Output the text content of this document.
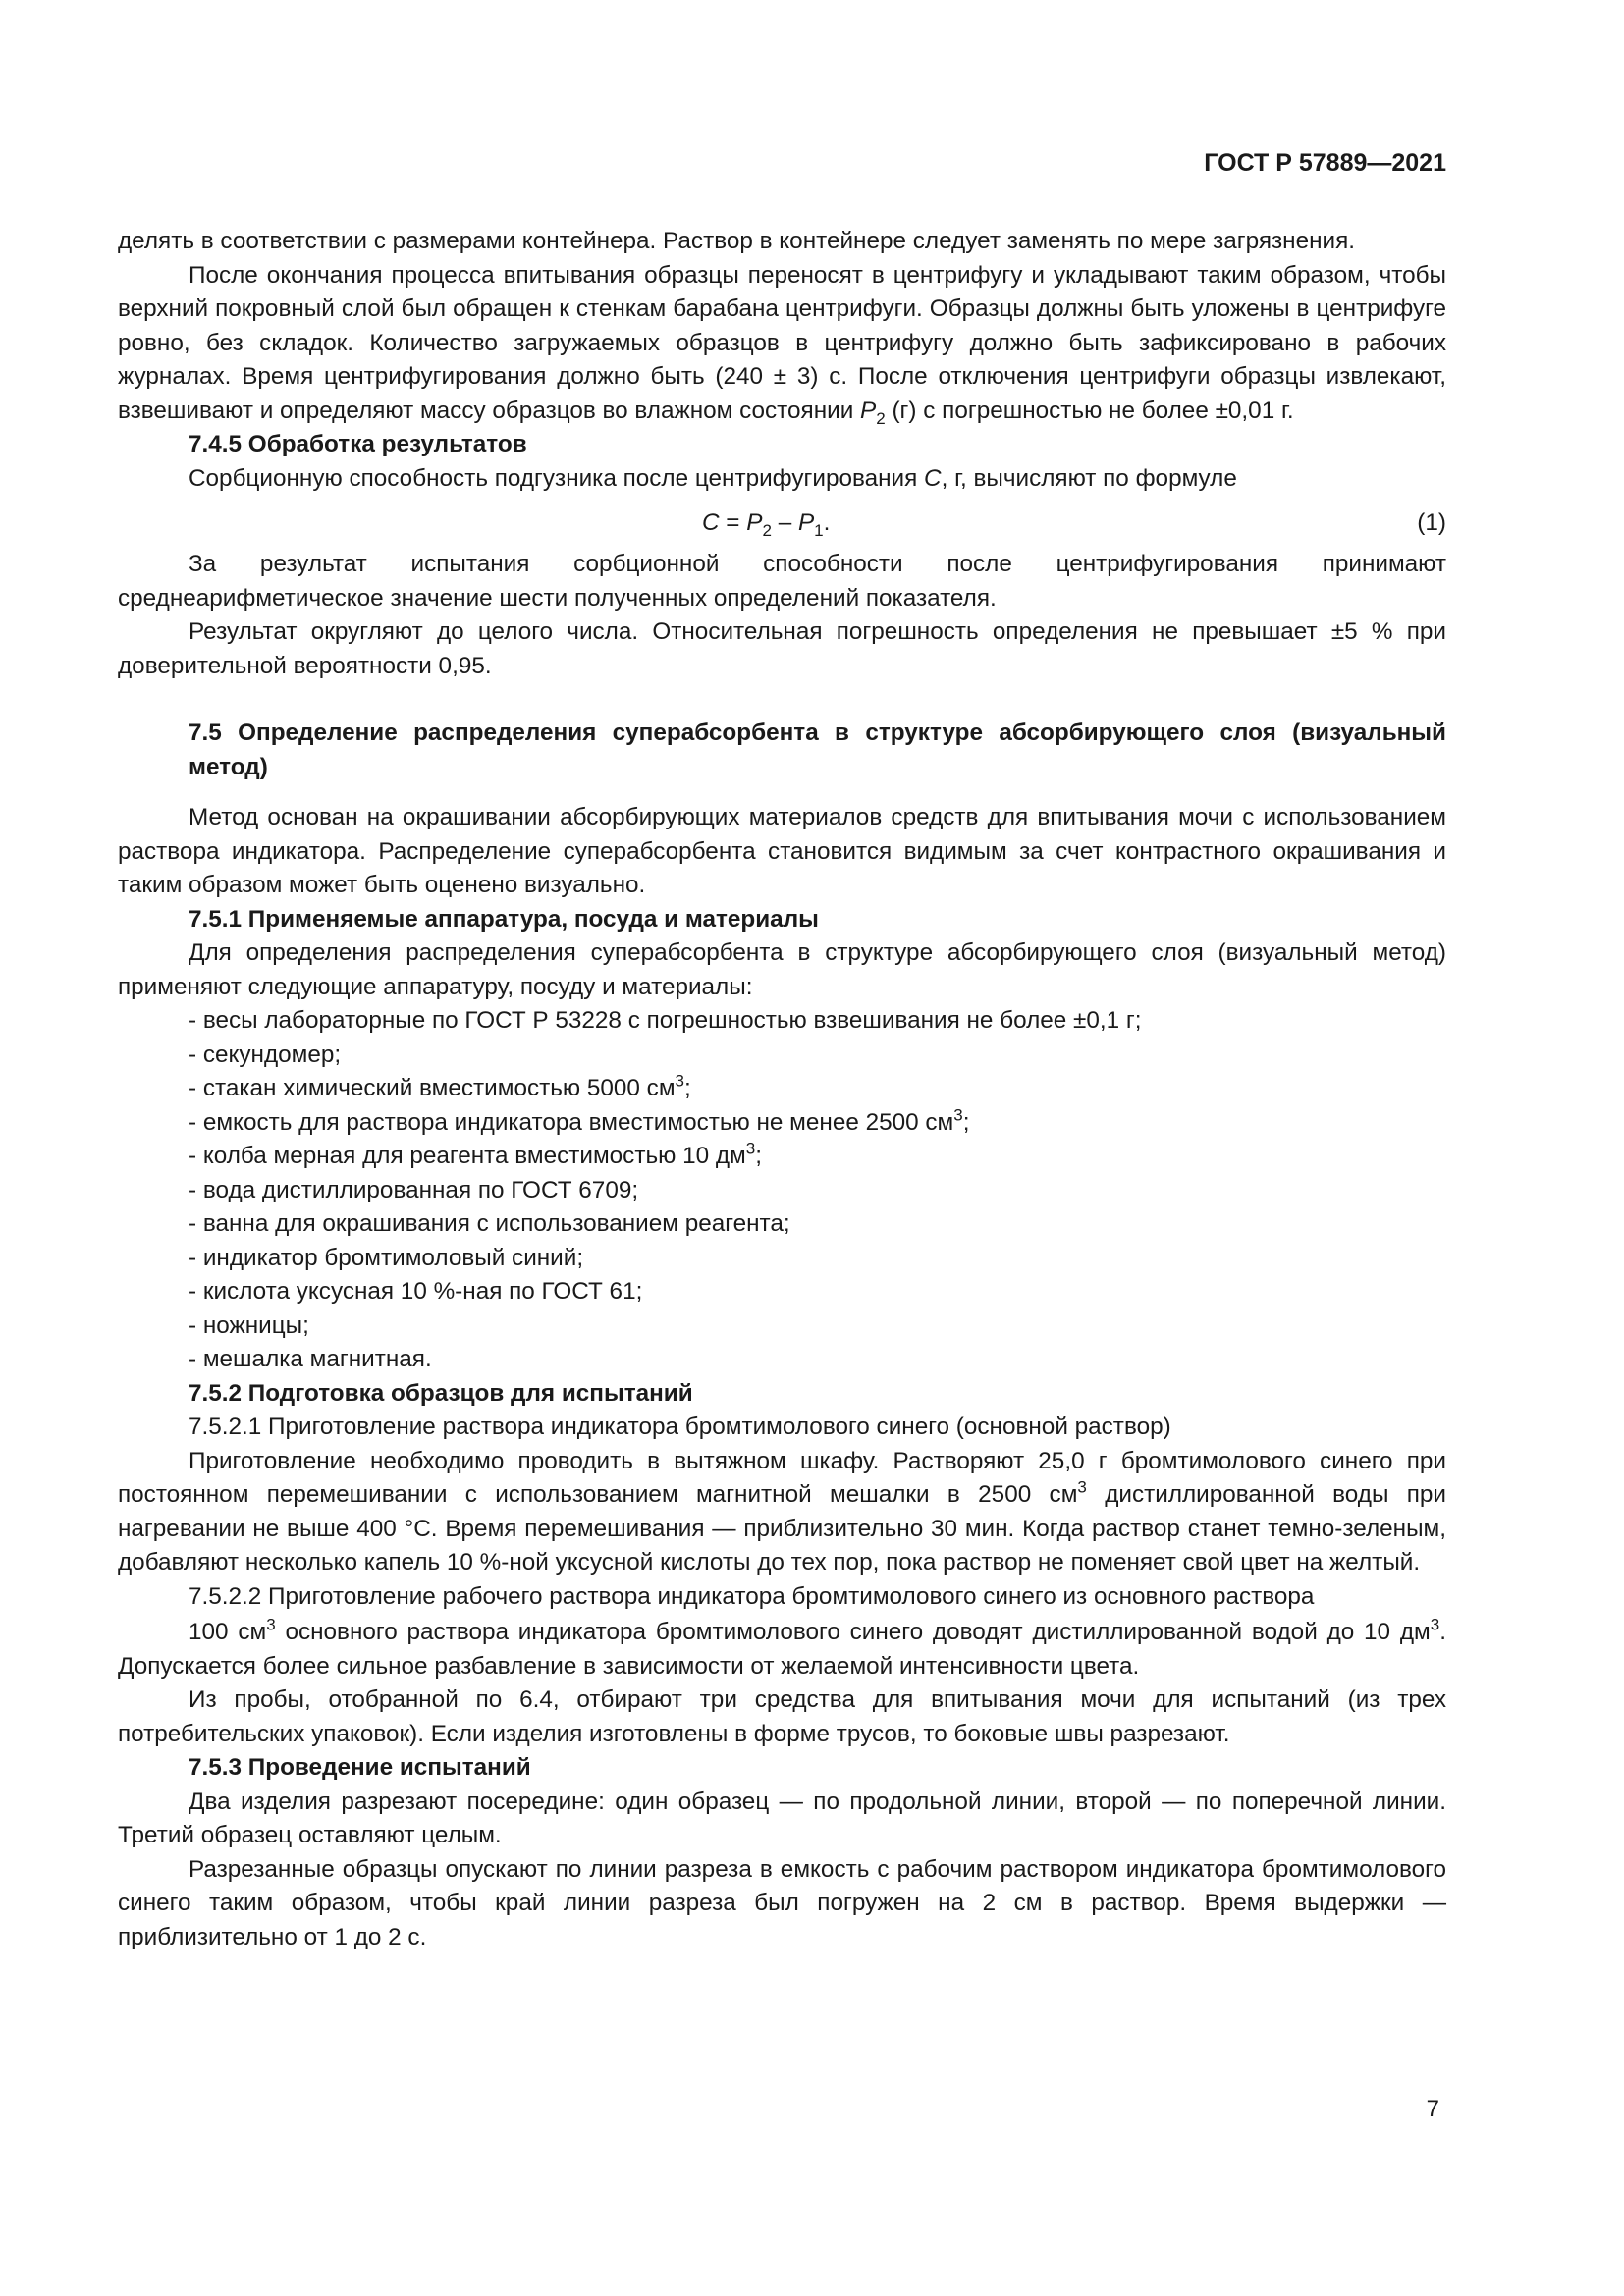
ГОСТ Р 57889—2021

делять в соответствии с размерами контейнера. Раствор в контейнере следует заменять по мере загрязнения.

После окончания процесса впитывания образцы переносят в центрифугу и укладывают таким образом, чтобы верхний покровный слой был обращен к стенкам барабана центрифуги. Образцы должны быть уложены в центрифуге ровно, без складок. Количество загружаемых образцов в центрифугу должно быть зафиксировано в рабочих журналах. Время центрифугирования должно быть (240 ± 3) с. После отключения центрифуги образцы извлекают, взвешивают и определяют массу образцов во влажном состоянии $P_2$ (г) с погрешностью не более ±0,01 г.

7.4.5 Обработка результатов

Сорбционную способность подгузника после центрифугирования C, г, вычисляют по формуле

$C = P_2 - P_1$.	(1)

За результат испытания сорбционной способности после центрифугирования принимают среднеарифметическое значение шести полученных определений показателя.

Результат округляют до целого числа. Относительная погрешность определения не превышает ±5 % при доверительной вероятности 0,95.

7.5 Определение распределения суперабсорбента в структуре абсорбирующего слоя (визуальный метод)

Метод основан на окрашивании абсорбирующих материалов средств для впитывания мочи с использованием раствора индикатора. Распределение суперабсорбента становится видимым за счет контрастного окрашивания и таким образом может быть оценено визуально.

7.5.1 Применяемые аппаратура, посуда и материалы

Для определения распределения суперабсорбента в структуре абсорбирующего слоя (визуальный метод) применяют следующие аппаратуру, посуду и материалы:

- весы лабораторные по ГОСТ Р 53228 с погрешностью взвешивания не более ±0,1 г;

- секундомер;

- стакан химический вместимостью 5000 $см^3$;

- емкость для раствора индикатора вместимостью не менее 2500 $см^3$;

- колба мерная для реагента вместимостью 10 $дм^3$;

- вода дистиллированная по ГОСТ 6709;

- ванна для окрашивания с использованием реагента;

- индикатор бромтимоловый синий;

- кислота уксусная 10 %-ная по ГОСТ 61;

- ножницы;

- мешалка магнитная.

7.5.2 Подготовка образцов для испытаний

7.5.2.1 Приготовление раствора индикатора бромтимолового синего (основной раствор)

Приготовление необходимо проводить в вытяжном шкафу. Растворяют 25,0 г бромтимолового синего при постоянном перемешивании с использованием магнитной мешалки в 2500 $см^3$ дистиллированной воды при нагревании не выше 400 °С. Время перемешивания — приблизительно 30 мин. Когда раствор станет темно-зеленым, добавляют несколько капель 10 %-ной уксусной кислоты до тех пор, пока раствор не поменяет свой цвет на желтый.

7.5.2.2 Приготовление рабочего раствора индикатора бромтимолового синего из основного раствора

100 $см^3$ основного раствора индикатора бромтимолового синего доводят дистиллированной водой до 10 $дм^3$. Допускается более сильное разбавление в зависимости от желаемой интенсивности цвета.

Из пробы, отобранной по 6.4, отбирают три средства для впитывания мочи для испытаний (из трех потребительских упаковок). Если изделия изготовлены в форме трусов, то боковые швы разрезают.

7.5.3 Проведение испытаний

Два изделия разрезают посередине: один образец — по продольной линии, второй — по поперечной линии. Третий образец оставляют целым.

Разрезанные образцы опускают по линии разреза в емкость с рабочим раствором индикатора бромтимолового синего таким образом, чтобы край линии разреза был погружен на 2 см в раствор. Время выдержки — приблизительно от 1 до 2 с.

7
